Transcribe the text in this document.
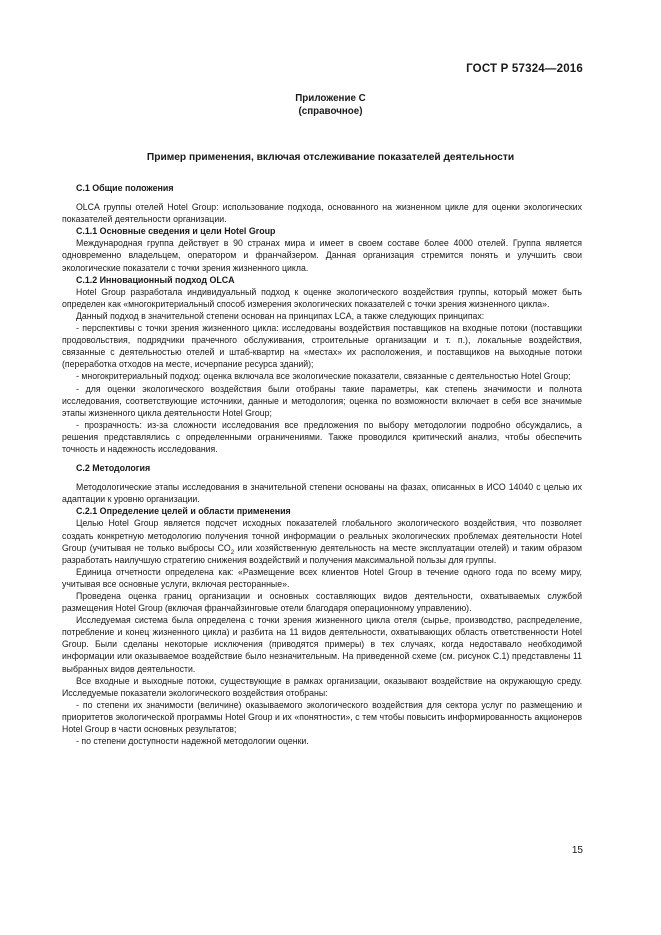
ГОСТ Р 57324—2016
Приложение С
(справочное)
Пример применения, включая отслеживание показателей деятельности
С.1 Общие положения

OLCA группы отелей Hotel Group: использование подхода, основанного на жизненном цикле для оценки экологических показателей деятельности организации.

С.1.1 Основные сведения и цели Hotel Group

Международная группа действует в 90 странах мира и имеет в своем составе более 4000 отелей. Группа является одновременно владельцем, оператором и франчайзером. Данная организация стремится понять и улучшить свои экологические показатели с точки зрения жизненного цикла.

С.1.2 Инновационный подход OLCA

Hotel Group разработала индивидуальный подход к оценке экологического воздействия группы, который может быть определен как «многокритериальный способ измерения экологических показателей с точки зрения жизненного цикла».

Данный подход в значительной степени основан на принципах LCA, а также следующих принципах:

- перспективы с точки зрения жизненного цикла: исследованы воздействия поставщиков на входные потоки (поставщики продовольствия, подрядчики прачечного обслуживания, строительные организации и т. п.), локальные воздействия, связанные с деятельностью отелей и штаб-квартир на «местах» их расположения, и поставщиков на выходные потоки (переработка отходов на месте, исчерпание ресурса зданий);

- многокритериальный подход: оценка включала все экологические показатели, связанные с деятельностью Hotel Group;

- для оценки экологического воздействия были отобраны такие параметры, как степень значимости и полнота исследования, соответствующие источники, данные и методология; оценка по возможности включает в себя все значимые этапы жизненного цикла деятельности Hotel Group;

- прозрачность: из-за сложности исследования все предложения по выбору методологии подробно обсуждались, а решения представлялись с определенными ограничениями. Также проводился критический анализ, чтобы обеспечить точность и надежность исследования.

С.2 Методология

Методологические этапы исследования в значительной степени основаны на фазах, описанных в ИСО 14040 с целью их адаптации к уровню организации.

С.2.1 Определение целей и области применения

Целью Hotel Group является подсчет исходных показателей глобального экологического воздействия, что позволяет создать конкретную методологию получения точной информации о реальных экологических проблемах деятельности Hotel Group (учитывая не только выбросы $CO_2$ или хозяйственную деятельность на месте эксплуатации отелей) и таким образом разработать наилучшую стратегию снижения воздействий и получения максимальной пользы для группы.

Единица отчетности определена как: «Размещение всех клиентов Hotel Group в течение одного года по всему миру, учитывая все основные услуги, включая ресторанные».

Проведена оценка границ организации и основных составляющих видов деятельности, охватываемых службой размещения Hotel Group (включая франчайзинговые отели благодаря операционному управлению).

Исследуемая система была определена с точки зрения жизненного цикла отеля (сырье, производство, распределение, потребление и конец жизненного цикла) и разбита на 11 видов деятельности, охватывающих область ответственности Hotel Group. Были сделаны некоторые исключения (приводятся примеры) в тех случаях, когда недоставало необходимой информации или оказываемое воздействие было незначительным. На приведенной схеме (см. рисунок С.1) представлены 11 выбранных видов деятельности.

Все входные и выходные потоки, существующие в рамках организации, оказывают воздействие на окружающую среду. Исследуемые показатели экологического воздействия отобраны:

- по степени их значимости (величине) оказываемого экологического воздействия для сектора услуг по размещению и приоритетов экологической программы Hotel Group и их «понятности», с тем чтобы повысить информированность акционеров Hotel Group в части основных результатов;

- по степени доступности надежной методологии оценки.

15
